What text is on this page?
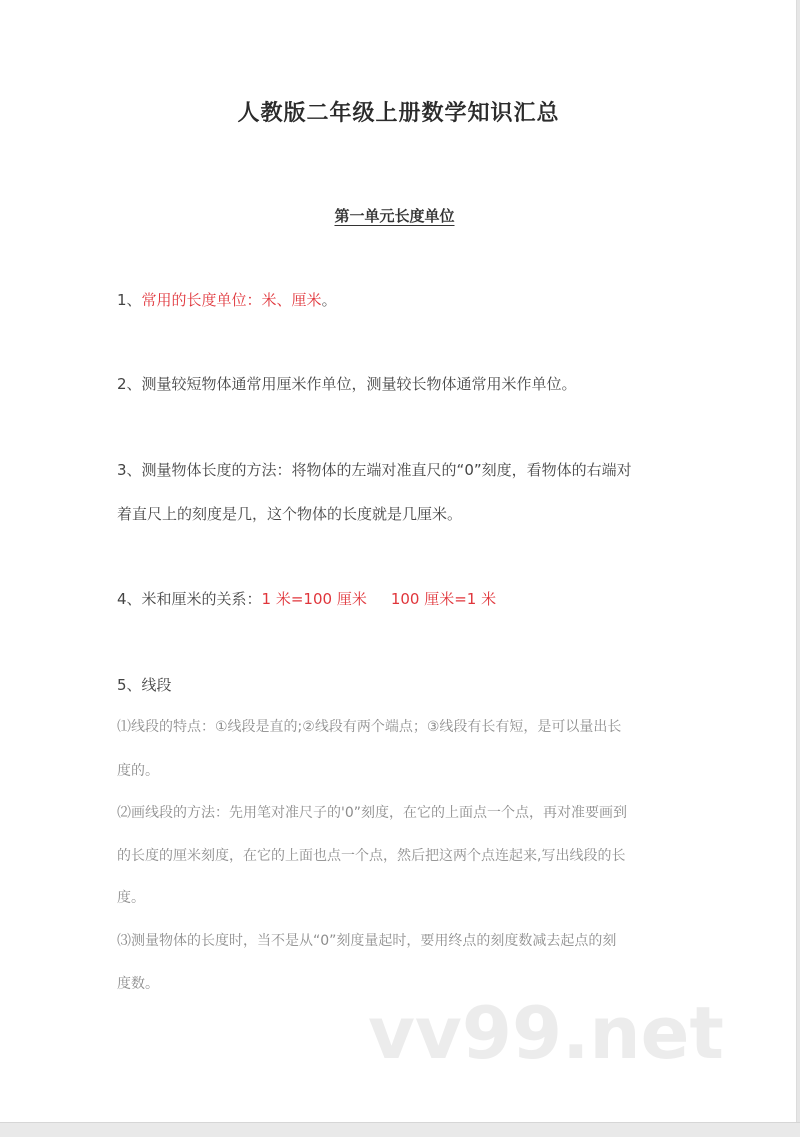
人教版二年级上册数学知识汇总
第一单元长度单位
1、常用的长度单位：米、厘米。
2、测量较短物体通常用厘米作单位，测量较长物体通常用米作单位。
3、测量物体长度的方法：将物体的左端对准直尺的“0”刻度，看物体的右端对
着直尺上的刻度是几，这个物体的长度就是几厘米。
4、米和厘米的关系：1 米=100 厘米 100 厘米=1 米
5、线段
⑴线段的特点：①线段是直的;②线段有两个端点；③线段有长有短，是可以量出长
度的。
⑵画线段的方法：先用笔对准尺子的'0”刻度，在它的上面点一个点，再对准要画到
的长度的厘米刻度，在它的上面也点一个点，然后把这两个点连起来,写出线段的长
度。
⑶测量物体的长度时，当不是从“0”刻度量起时，要用终点的刻度数减去起点的刻
度数。
vv99.net
